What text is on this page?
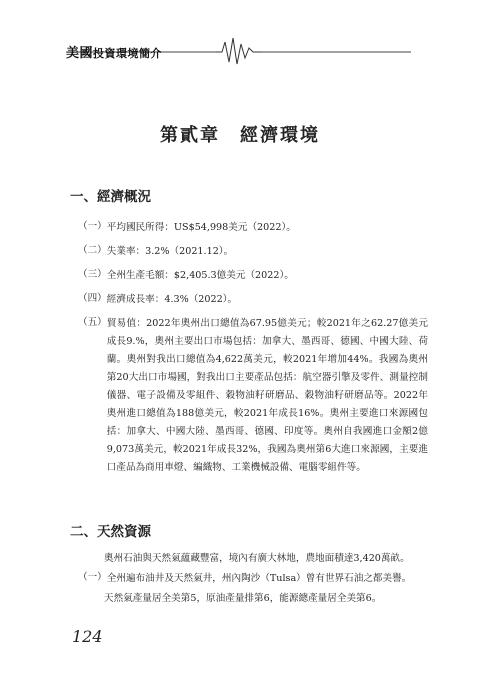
美國投資環境簡介
第貳章　經濟環境
一、經濟概況
（一） 平均國民所得：US$54,998美元（2022）。
（二） 失業率：3.2%（2021.12）。
（三） 全州生產毛額：$2,405.3億美元（2022）。
（四） 經濟成長率：4.3%（2022）。
（五） 貿易值：2022年奧州出口總值為67.95億美元；較2021年之62.27億美元成長9.%，奧州主要出口市場包括：加拿大、墨西哥、德國、中國大陸、荷蘭。奧州對我出口總值為4,622萬美元，較2021年增加44%。我國為奧州第20大出口市場國，對我出口主要產品包括：航空器引擎及零件、測量控制儀器、電子設備及零組件、穀物油籽研磨品、穀物油籽研磨品等。2022年奧州進口總值為188億美元，較2021年成長16%。奧州主要進口來源國包括：加拿大、中國大陸、墨西哥、德國、印度等。奧州自我國進口金額2億9,073萬美元，較2021年成長32%，我國為奧州第6大進口來源國，主要進口產品為商用車燈、編織物、工業機械設備、電腦零組件等。
二、天然資源
奧州石油與天然氣蘊藏豐富，境內有廣大林地，農地面積達3,420萬畝。
（一） 全州遍布油井及天然氣井，州內陶沙（Tulsa）曾有世界石油之都美譽。
天然氣產量居全美第5，原油產量排第6，能源總產量居全美第6。
124
